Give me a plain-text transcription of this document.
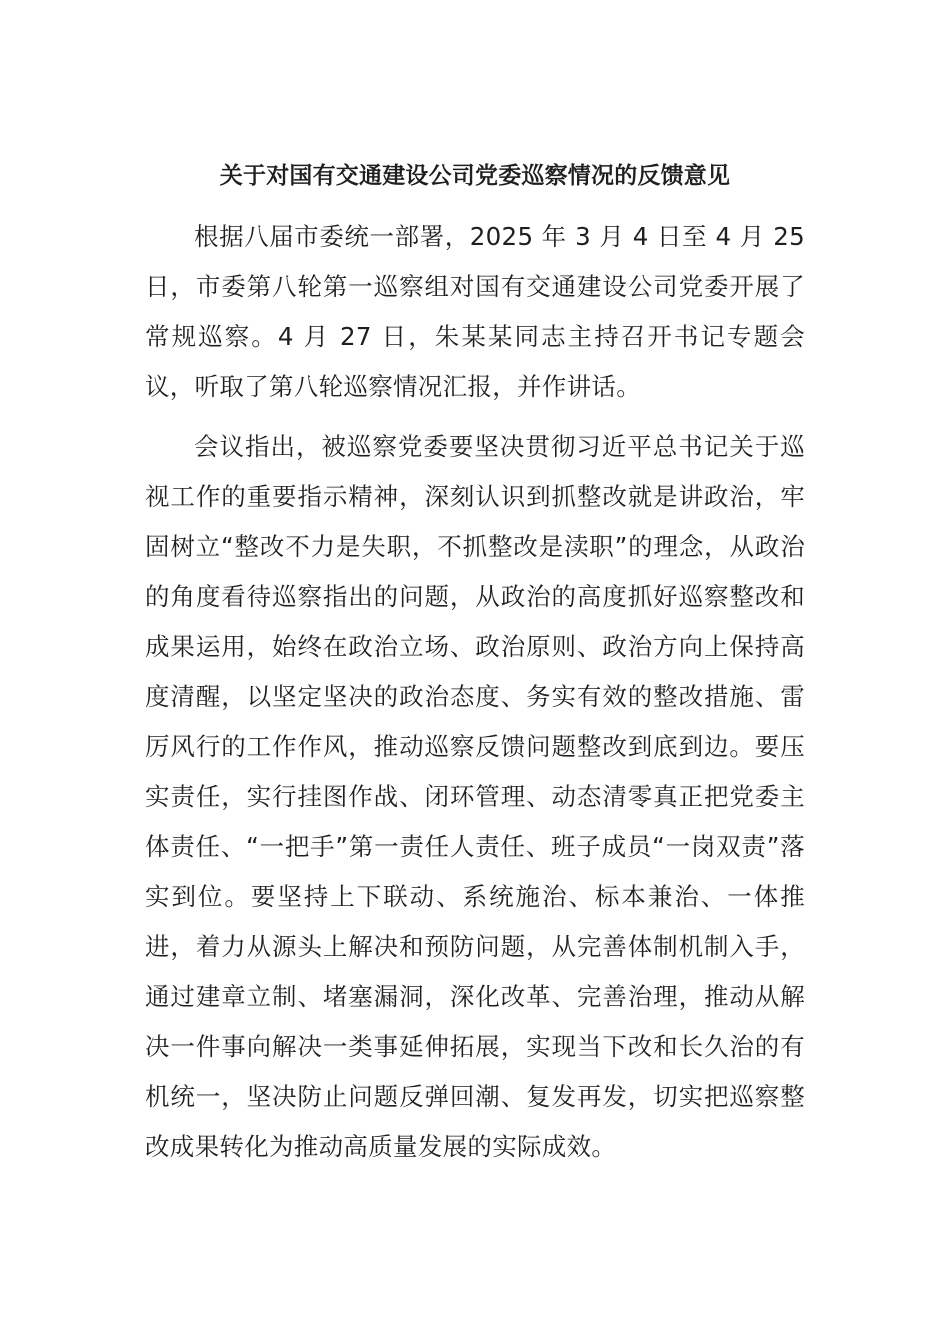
关于对国有交通建设公司党委巡察情况的反馈意见

根据八届市委统一部署，2025 年 3 月 4 日至 4 月 25 日，市委第八轮第一巡察组对国有交通建设公司党委开展了常规巡察。4 月 27 日，朱某某同志主持召开书记专题会议，听取了第八轮巡察情况汇报，并作讲话。

会议指出，被巡察党委要坚决贯彻习近平总书记关于巡视工作的重要指示精神，深刻认识到抓整改就是讲政治，牢固树立“整改不力是失职，不抓整改是渎职”的理念，从政治的角度看待巡察指出的问题，从政治的高度抓好巡察整改和成果运用，始终在政治立场、政治原则、政治方向上保持高度清醒，以坚定坚决的政治态度、务实有效的整改措施、雷厉风行的工作作风，推动巡察反馈问题整改到底到边。要压实责任，实行挂图作战、闭环管理、动态清零真正把党委主体责任、“一把手”第一责任人责任、班子成员“一岗双责”落实到位。要坚持上下联动、系统施治、标本兼治、一体推进，着力从源头上解决和预防问题，从完善体制机制入手，通过建章立制、堵塞漏洞，深化改革、完善治理，推动从解决一件事向解决一类事延伸拓展，实现当下改和长久治的有机统一，坚决防止问题反弹回潮、复发再发，切实把巡察整改成果转化为推动高质量发展的实际成效。
